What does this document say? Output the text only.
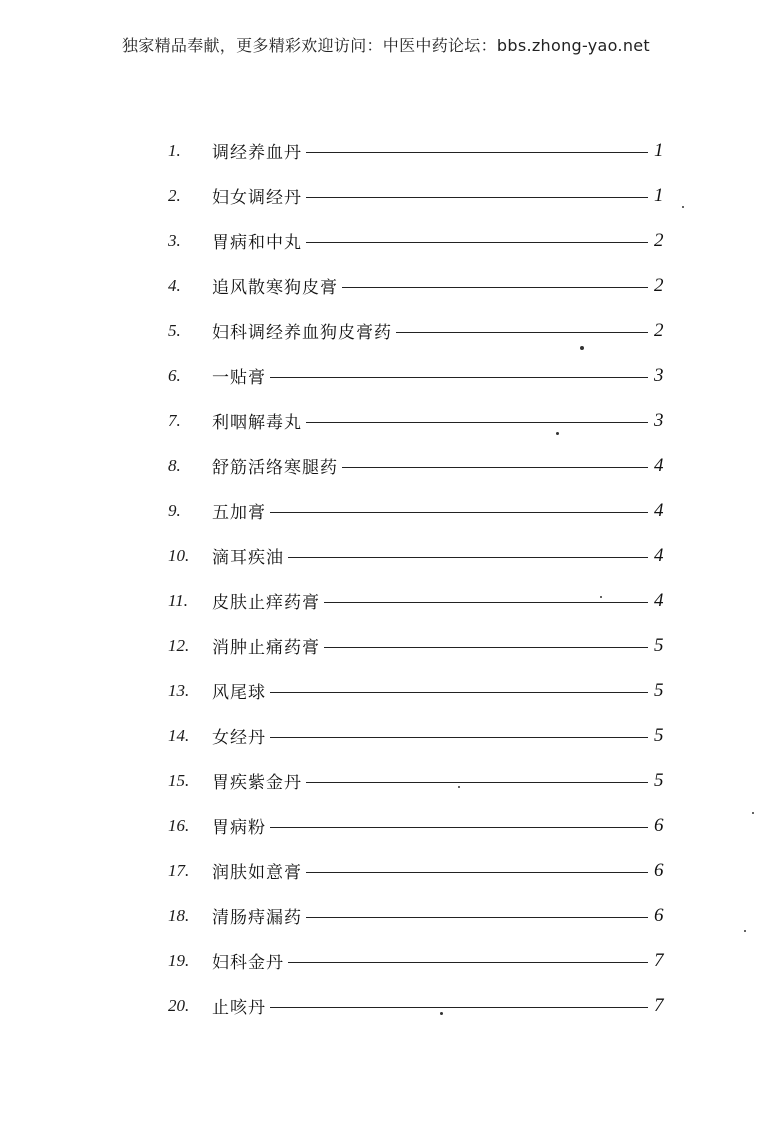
独家精品奉献，更多精彩欢迎访问：中医中药论坛：bbs.zhong-yao.net
1.	调经养血丹	1
2.	妇女调经丹	1
3.	胃病和中丸	2
4.	追风散寒狗皮膏	2
5.	妇科调经养血狗皮膏药	2
6.	一贴膏	3
7.	利咽解毒丸	3
8.	舒筋活络寒腿药	4
9.	五加膏	4
10.	滴耳疾油	4
11.	皮肤止痒药膏	4
12.	消肿止痛药膏	5
13.	风尾球	5
14.	女经丹	5
15.	胃疾紫金丹	5
16.	胃病粉	6
17.	润肤如意膏	6
18.	清肠痔漏药	6
19.	妇科金丹	7
20.	止咳丹	7
